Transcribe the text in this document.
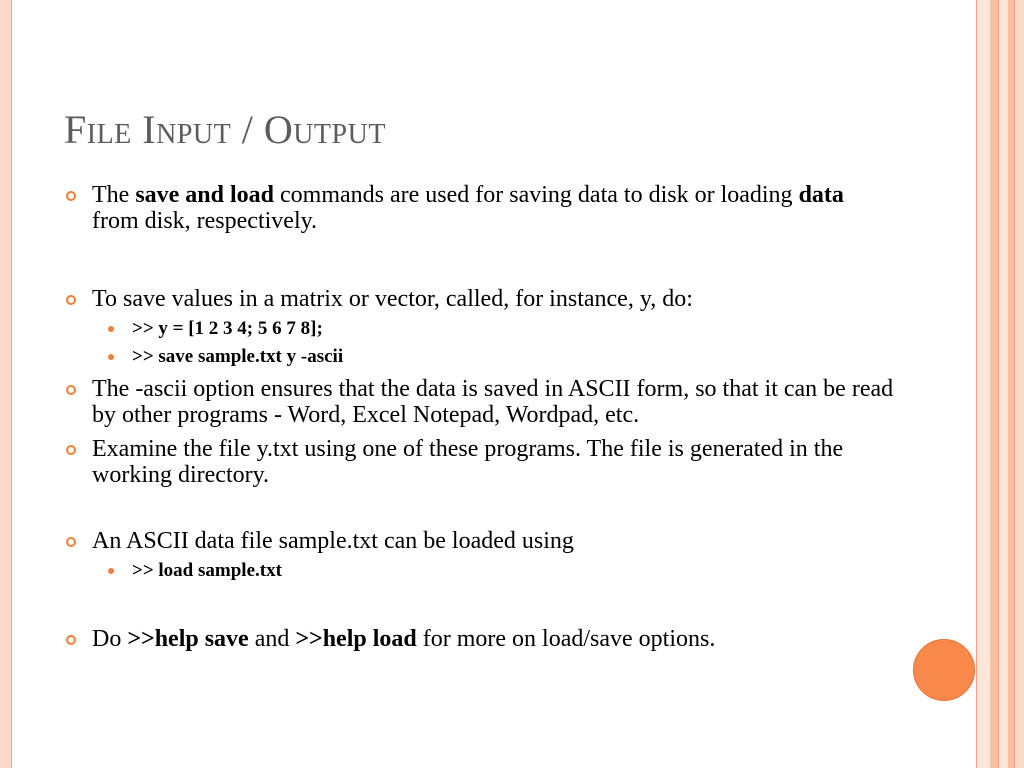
File Input / Output
The save and load commands are used for saving data to disk or loading data from disk, respectively.
To save values in a matrix or vector, called, for instance, y, do:
>> y = [1 2 3 4; 5 6 7 8];
>> save sample.txt y -ascii
The -ascii option ensures that the data is saved in ASCII form, so that it can be read by other programs - Word, Excel Notepad, Wordpad, etc.
Examine the file y.txt using one of these programs. The file is generated in the working directory.
An ASCII data file sample.txt can be loaded using
>> load sample.txt
Do >>help save and >>help load for more on load/save options.
